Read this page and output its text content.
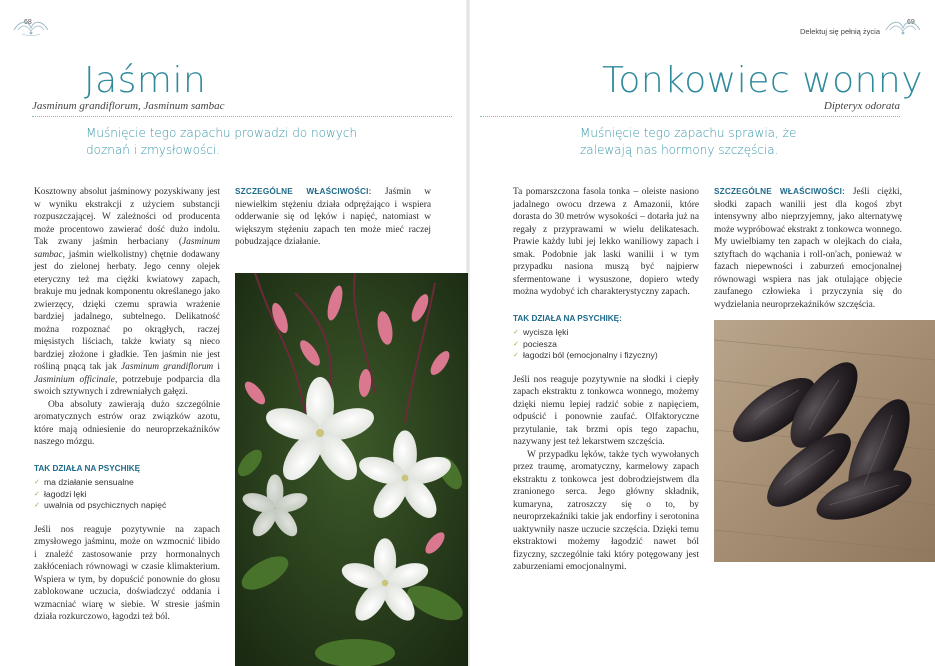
68
Jaśmin
Jasminum grandiflorum, Jasminum sambac
Muśnięcie tego zapachu prowadzi do nowych doznań i zmysłowości.

Kosztowny absolut jaśminowy pozyskiwany jest w wyniku ekstrakcji z użyciem substancji rozpuszczającej. W zależności od producenta może procentowo zawierać dość dużo indolu. Tak zwany jaśmin herbaciany (Jasminum sambac, jaśmin wielkolistny) chętnie dodawany jest do zielonej herbaty. Jego cenny olejek eteryczny też ma ciężki kwiatowy zapach, brakuje mu jednak komponentu określanego jako zwierzęcy, dzięki czemu sprawia wrażenie bardziej jadalnego, subtelnego. Delikatność można rozpoznać po okrągłych, raczej mięsistych liściach, także kwiaty są nieco bardziej złożone i gładkie. Ten jaśmin nie jest rośliną pnącą tak jak Jasminum grandiflorum i Jasminium officinale, potrzebuje podparcia dla swoich sztywnych i zdrewniałych gałęzi.

Oba absoluty zawierają dużo szczególnie aromatycznych estrów oraz związków azotu, które mają odniesienie do neuroprzekaźników naszego mózgu.

TAK DZIAŁA NA PSYCHIKĘ
✓ ma działanie sensualne
✓ łagodzi lęki
✓ uwalnia od psychicznych napięć

Jeśli nos reaguje pozytywnie na zapach zmysłowego jaśminu, może on wzmocnić libido i znaleźć zastosowanie przy hormonalnych zakłóceniach równowagi w czasie klimakterium. Wspiera w tym, by dopuścić ponownie do głosu zablokowane uczucia, doświadczyć oddania i wzmacniać wiarę w siebie. W stresie jaśmin działa rozkurczowo, łagodzi też ból.

SZCZEGÓLNE WŁAŚCIWOŚCI: Jaśmin w niewielkim stężeniu działa odprężająco i wspiera odderwanie się od lęków i napięć, natomiast w większym stężeniu zapach ten może mieć raczej pobudzające działanie.

69
Delektuj się pełnią życia
Tonkowiec wonny
Dipteryx odorata
Muśnięcie tego zapachu sprawia, że zalewają nas hormony szczęścia.

Ta pomarszczona fasola tonka – oleiste nasiono jadalnego owocu drzewa z Amazonii, które dorasta do 30 metrów wysokości – dotarła już na regały z przyprawami w wielu delikatesach. Prawie każdy lubi jej lekko waniliowy zapach i smak. Podobnie jak laski wanilii i w tym przypadku nasiona muszą być najpierw sfermentowane i wysuszone, dopiero wtedy można wydobyć ich charakterystyczny zapach.

TAK DZIAŁA NA PSYCHIKĘ:
✓ wycisza lęki
✓ pociesza
✓ łagodzi ból (emocjonalny i fizyczny)

Jeśli nos reaguje pozytywnie na słodki i ciepły zapach ekstraktu z tonkowca wonnego, możemy dzięki niemu lepiej radzić sobie z napięciem, odpuścić i ponownie zaufać. Olfaktoryczne przytulanie, tak brzmi opis tego zapachu, nazywany jest też lekarstwem szczęścia.

W przypadku lęków, także tych wywołanych przez traumę, aromatyczny, karmelowy zapach ekstraktu z tonkowca jest dobrodziejstwem dla zranionego serca. Jego główny składnik, kumaryna, zatroszczy się o to, by neuroprzekaźniki takie jak endorfiny i serotonina uaktywniły nasze uczucie szczęścia. Dzięki temu ekstraktowi możemy łagodzić nawet ból fizyczny, szczególnie taki który potęgowany jest zaburzeniami emocjonalnymi.

SZCZEGÓLNE WŁAŚCIWOŚCI: Jeśli ciężki, słodki zapach wanilii jest dla kogoś zbyt intensywny albo nieprzyjemny, jako alternatywę może wypróbować ekstrakt z tonkowca wonnego. My uwielbiamy ten zapach w olejkach do ciała, sztyftach do wąchania i roll-on'ach, ponieważ w fazach niepewności i zaburzeń emocjonalnej równowagi wspiera nas jak otulające objęcie zaufanego człowieka i przyczynia się do wydzielania neuroprzekaźników szczęścia.
